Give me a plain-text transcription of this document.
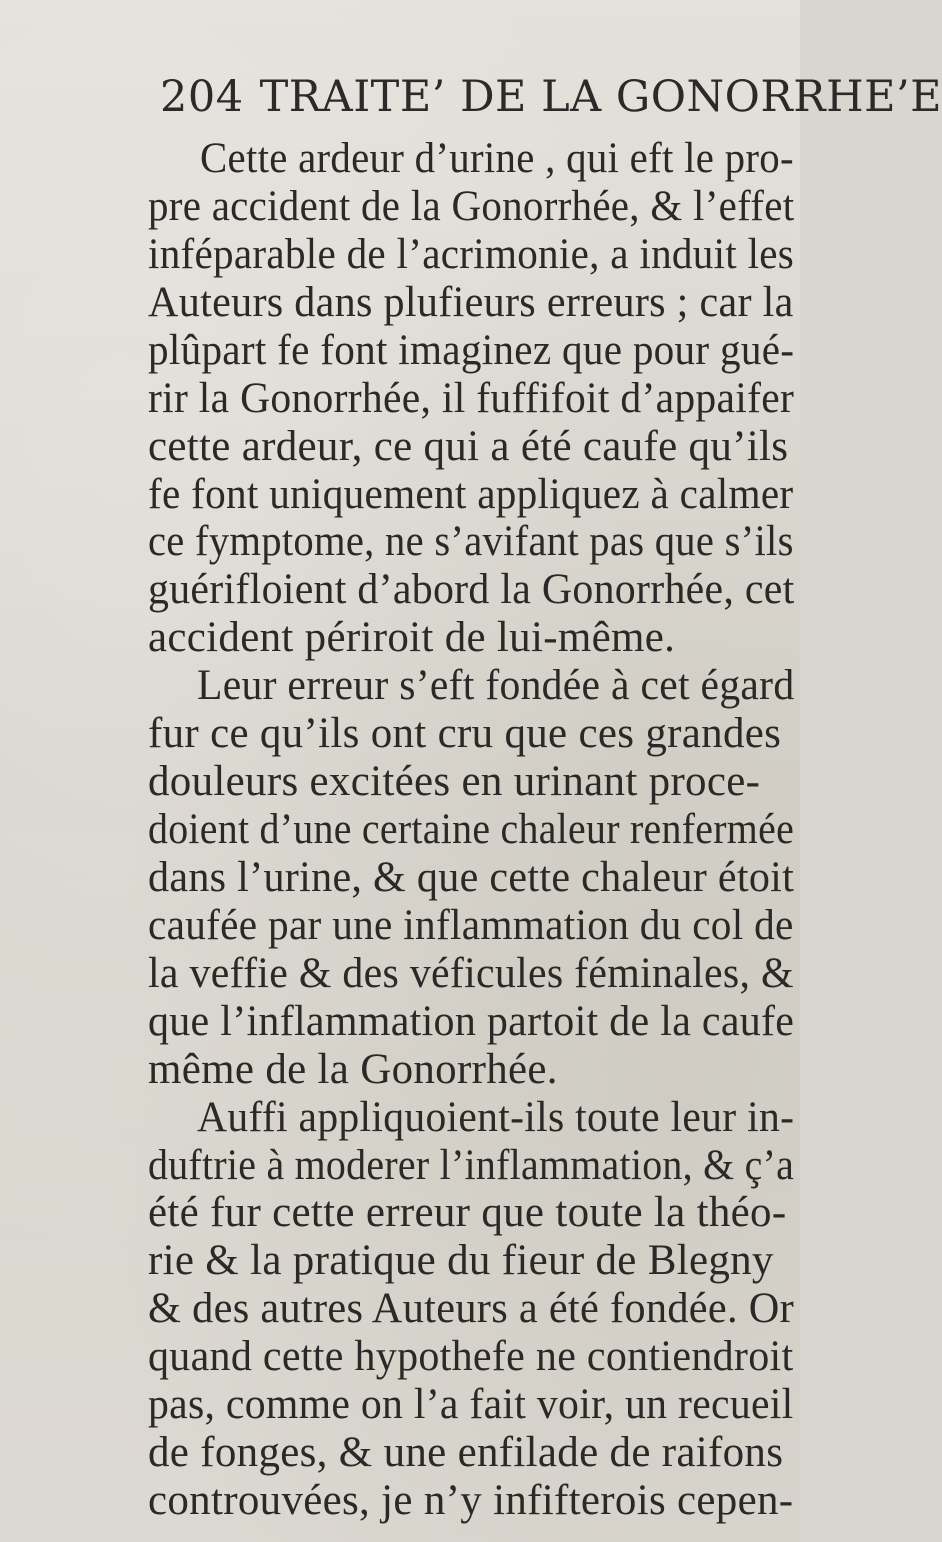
204 TRAITE’ DE LA GONORRHE’E
Cette ardeur d’urine , qui eft le pro-
pre accident de la Gonorrhée, & l’effet
inféparable de l’acrimonie, a induit les
Auteurs dans plufieurs erreurs ; car la
plûpart fe font imaginez que pour gué-
rir la Gonorrhée, il fuffifoit d’appaifer
cette ardeur, ce qui a été caufe qu’ils
fe font uniquement appliquez à calmer
ce fymptome, ne s’avifant pas que s’ils
guérifloient d’abord la Gonorrhée, cet
accident périroit de lui-même.
Leur erreur s’eft fondée à cet égard
fur ce qu’ils ont cru que ces grandes
douleurs excitées en urinant proce-
doient d’une certaine chaleur renfermée
dans l’urine, & que cette chaleur étoit
caufée par une inflammation du col de
la veffie & des véficules féminales, &
que l’inflammation partoit de la caufe
même de la Gonorrhée.
Auffi appliquoient-ils toute leur in-
duftrie à moderer l’inflammation, & ç’a
été fur cette erreur que toute la théo-
rie & la pratique du fieur de Blegny
& des autres Auteurs a été fondée. Or
quand cette hypothefe ne contiendroit
pas, comme on l’a fait voir, un recueil
de fonges, & une enfilade de raifons
controuvées, je n’y infifterois cepen-
